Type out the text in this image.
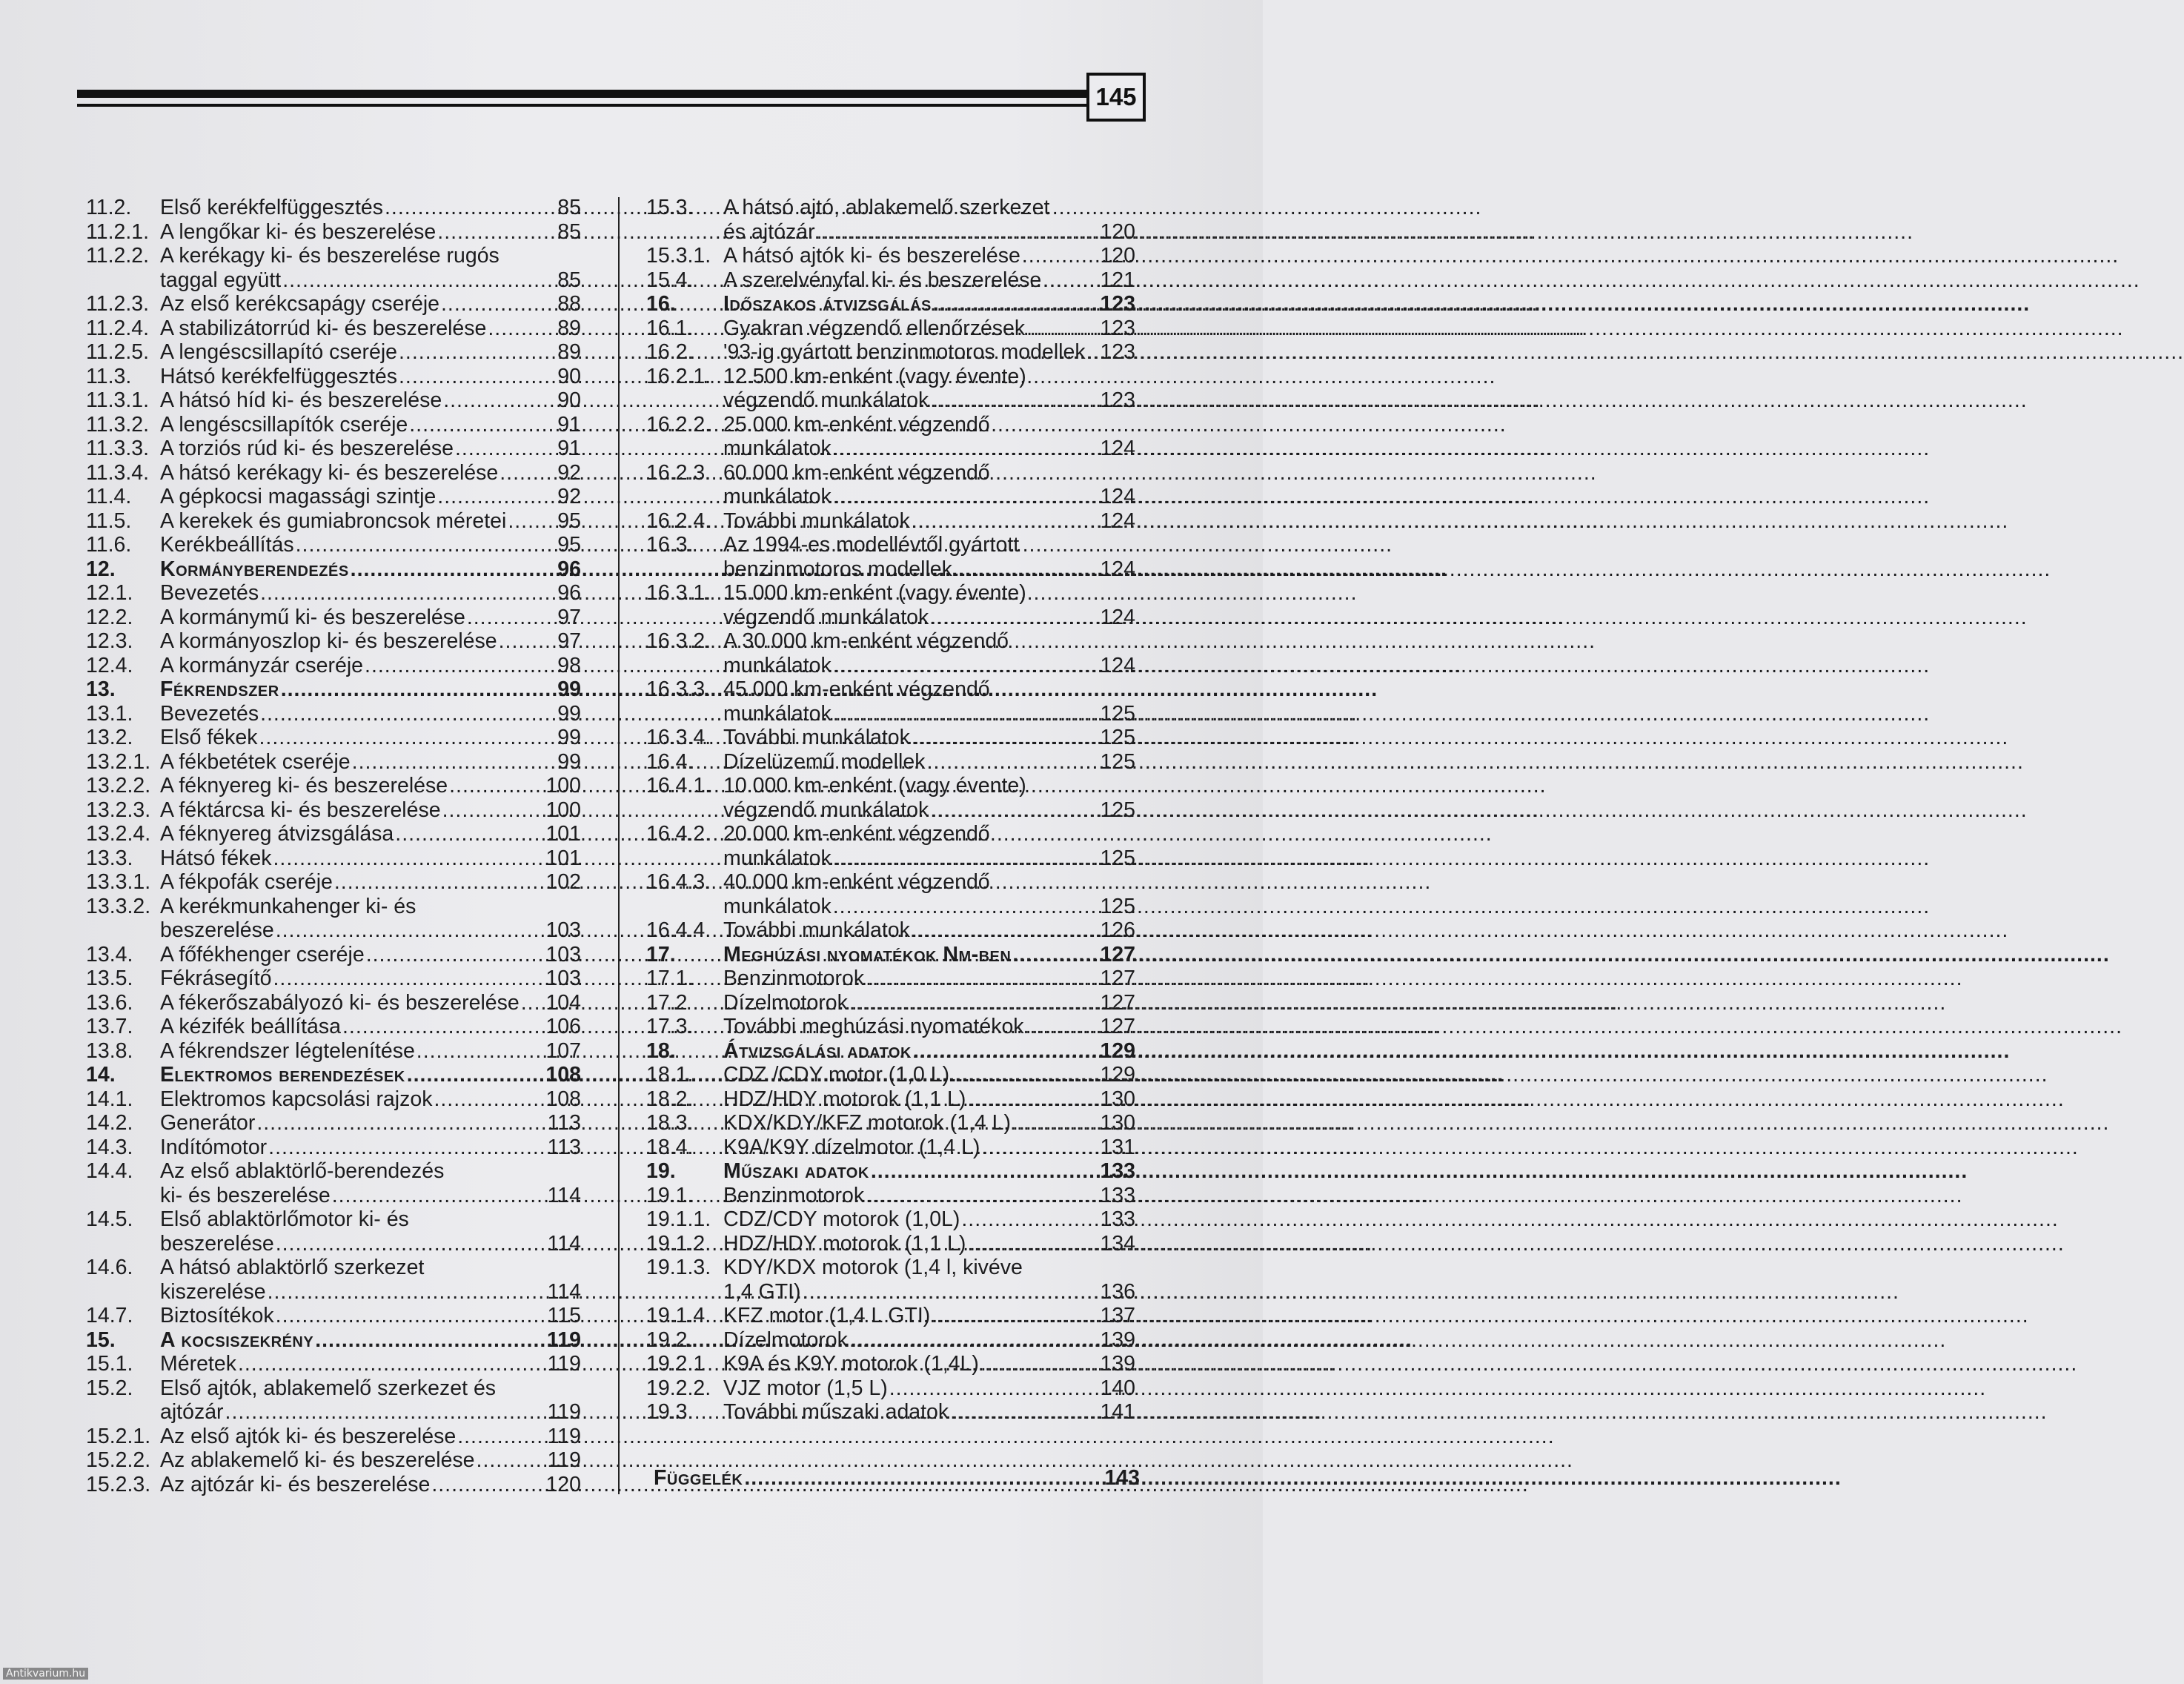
145
11.2.	Első kerékfelfüggesztés .....	85
11.2.1. A lengőkar ki- és beszerelése .....	85
11.2.2. A kerékagy ki- és beszerelése rugós
taggal együtt .....	85
11.2.3. Az első kerékcsapágy cseréje .....	88
11.2.4. A stabilizátorrúd ki- és beszerelése .....	89
11.2.5. A lengéscsillapító cseréje .....	89
11.3.	Hátsó kerékfelfüggesztés .....	90
11.3.1. A hátsó híd ki- és beszerelése .....	90
11.3.2. A lengéscsillapítók cseréje .....	91
11.3.3. A torziós rúd ki- és beszerelése .....	91
11.3.4. A hátsó kerékagy ki- és beszerelése .....	92
11.4.	A gépkocsi magassági szintje .....	92
11.5.	A kerekek és gumiabroncsok méretei ..... 95
11.6.	Kerékbeállítás .....	95
12.	Kormányberendezés .....	96
12.1.	Bevezetés .....	96
12.2.	A kormánymű ki- és beszerelése .....	97
12.3.	A kormányoszlop ki- és beszerelése .....	97
12.4.	A kormányzár cseréje .....	98
13.	Fékrendszer .....	99
13.1.	Bevezetés .....	99
13.2.	Első fékek .....	99
13.2.1. A fékbetétek cseréje .....	99
13.2.2. A féknyereg ki- és beszerelése .....	100
13.2.3. A féktárcsa ki- és beszerelése .....	100
13.2.4. A féknyereg átvizsgálása .....	101
13.3.	Hátsó fékek .....	101
13.3.1. A fékpofák cseréje .....	102
13.3.2. A kerékmunkahenger ki- és
beszerelése .....	103
13.4.	A főfékhenger cseréje .....	103
13.5.	Fékrásegítő .....	103
13.6.	A fékerőszabályozó ki- és beszerelése ..... 104
13.7.	A kézifék beállítása .....	106
13.8.	A fékrendszer légtelenítése .....	107
14.	Elektromos berendezések .....	108
14.1.	Elektromos kapcsolási rajzok .....	108
14.2.	Generátor .....	113
14.3.	Indítómotor .....	113
14.4.	Az első ablaktörlő-berendezés
ki- és beszerelése .....	114
14.5.	Első ablaktörlőmotor ki- és
beszerelése .....	114
14.6.	A hátsó ablaktörlő szerkezet
kiszerelése .....	114
14.7.	Biztosítékok .....	115
15.	A kocsiszekrény .....	119
15.1.	Méretek .....	119
15.2.	Első ajtók, ablakemelő szerkezet és
ajtózár .....	119
15.2.1. Az első ajtók ki- és beszerelése .....	119
15.2.2. Az ablakemelő ki- és beszerelése .....	119
15.2.3. Az ajtózár ki- és beszerelése .....	120
15.3.	A hátsó ajtó, ablakemelő szerkezet
és ajtózár .....	120
15.3.1. A hátsó ajtók ki- és beszerelése .....	120
15.4.	A szerelvényfal ki- és beszerelése .....	121
16.	Időszakos átvizsgálás .....	123
16.1.	Gyakran végzendő ellenőrzések .....	123
16.2.	'93-ig gyártott benzinmotoros modellek ..... 123
16.2.1. 12.500 km-enként (vagy évente)
végzendő munkálatok .....	123
16.2.2. 25.000 km-enként végzendő
munkálatok .....	124
16.2.3. 60.000 km-enként végzendő
munkálatok .....	124
16.2.4. További munkálatok .....	124
16.3.	Az 1994-es modellévtől gyártott
benzinmotoros modellek .....	124
16.3.1. 15.000 km-enként (vagy évente)
végzendő munkálatok .....	124
16.3.2. A 30.000 km-enként végzendő
munkálatok .....	124
16.3.3. 45.000 km-enként végzendő
munkálatok .....	125
16.3.4. További munkálatok .....	125
16.4.	Dízelüzemű modellek .....	125
16.4.1. 10.000 km-enként (vagy évente)
végzendő munkálatok .....	125
16.4.2. 20.000 km-enként végzendő
munkálatok .....	125
16.4.3. 40.000 km-enként végzendő
munkálatok .....	125
16.4.4. További munkálatok .....	126
17.	Meghúzási nyomatékok Nm-ben .....	127
17.1.	Benzinmotorok .....	127
17.2	Dízelmotorok .....	127
17.3.	További meghúzási nyomatékok .....	127
18.	Átvizsgálási adatok .....	129
18.1.	CDZ /CDY motor (1,0 L) .....	129
18.2.	HDZ/HDY motorok (1,1 L) .....	130
18.3.	KDX/KDY/KFZ motorok (1,4 L) .....	130
18.4.	K9A/K9Y dízelmotor (1,4 L) .....	131
19.	Műszaki adatok .....	133
19.1.	Benzinmotorok .....	133
19.1.1. CDZ/CDY motorok (1,0L) .....	133
19.1.2. HDZ/HDY motorok (1,1 L) .....	134
19.1.3. KDY/KDX motorok (1,4 l, kivéve
1,4 GTI) .....	136
19.1.4. KFZ motor (1,4 L GTI) .....	137
19.2.	Dízelmotorok .....	139
19.2.1 K9A és K9Y motorok (1,4L) .....	139
19.2.2. VJZ motor (1,5 L) .....	140
19.3.	További műszaki adatok .....	141
Függelék .....	143
Antikvarium.hu
